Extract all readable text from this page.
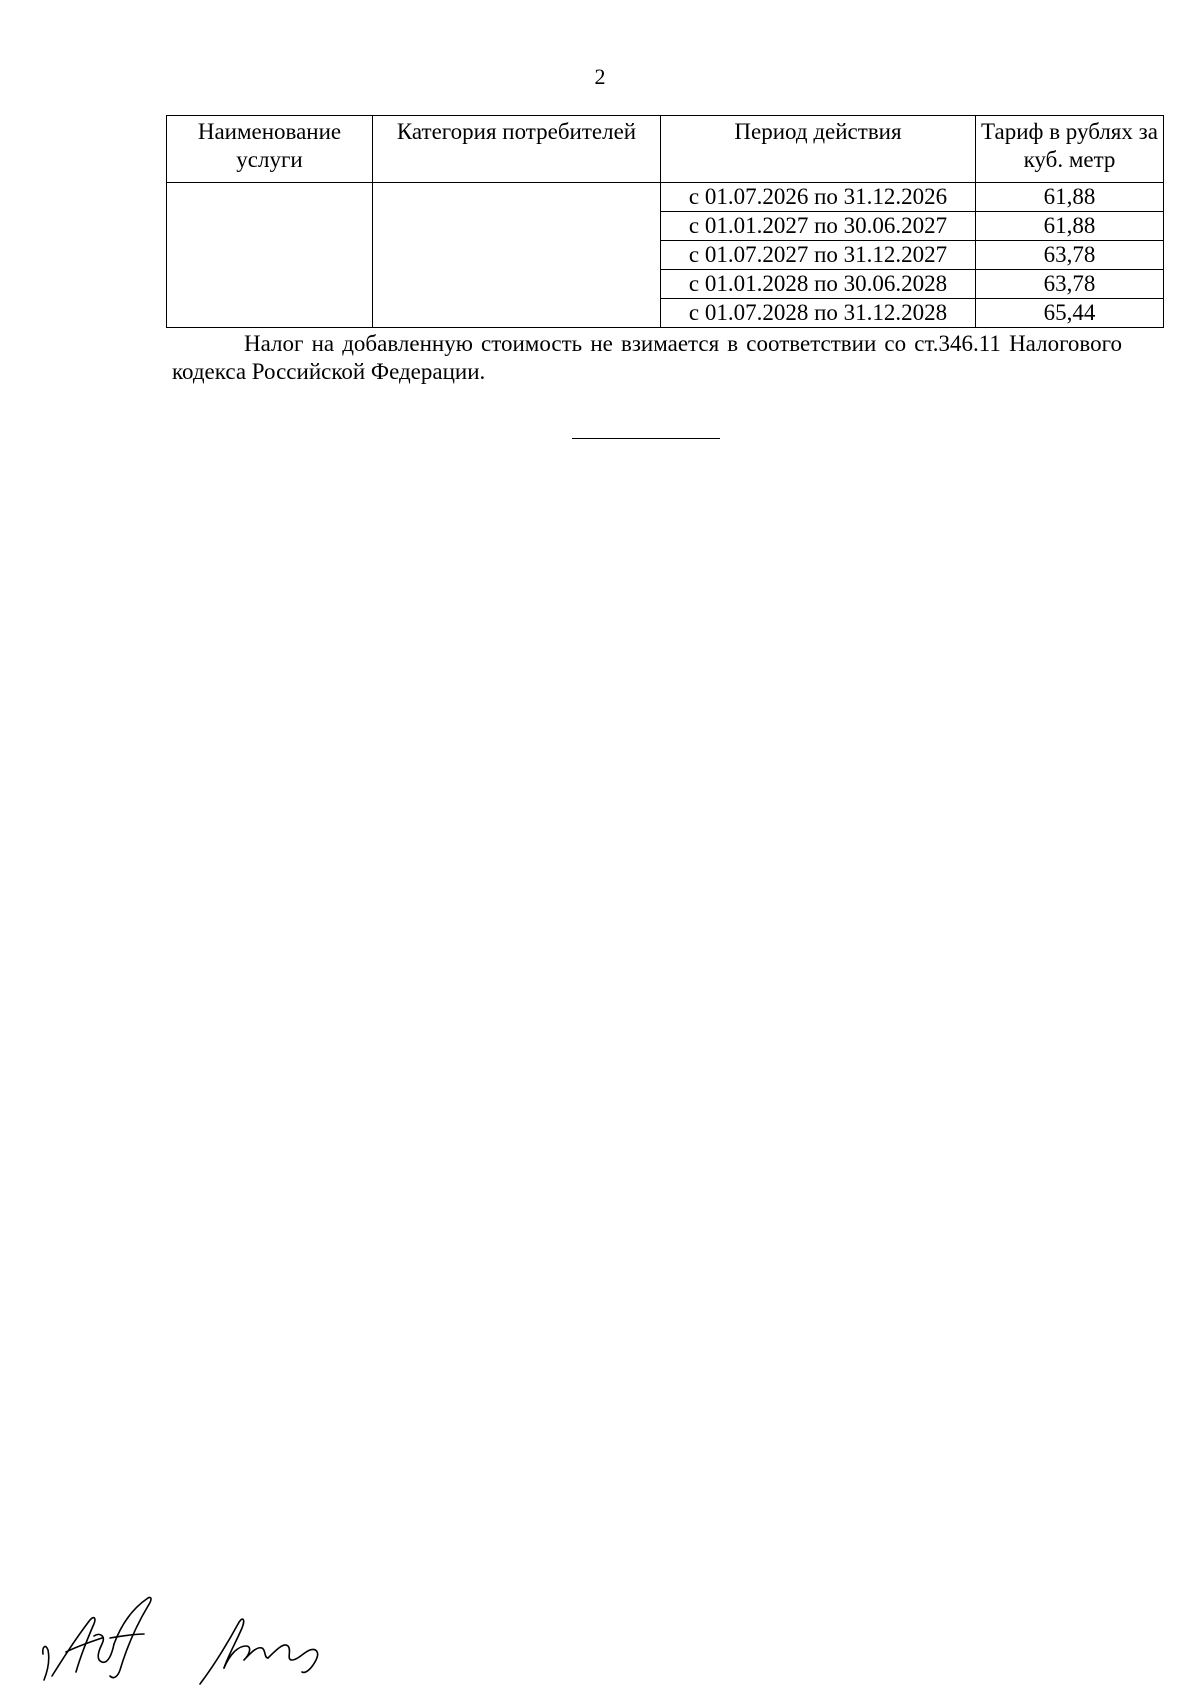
2
Наименование услуги	Категория потребителей	Период действия	Тариф в рублях за куб. метр
		с 01.07.2026 по 31.12.2026	61,88
		с 01.01.2027 по 30.06.2027	61,88
		с 01.07.2027 по 31.12.2027	63,78
		с 01.01.2028 по 30.06.2028	63,78
		с 01.07.2028 по 31.12.2028	65,44
Налог на добавленную стоимость не взимается в соответствии со ст.346.11 Налогового кодекса Российской Федерации.
